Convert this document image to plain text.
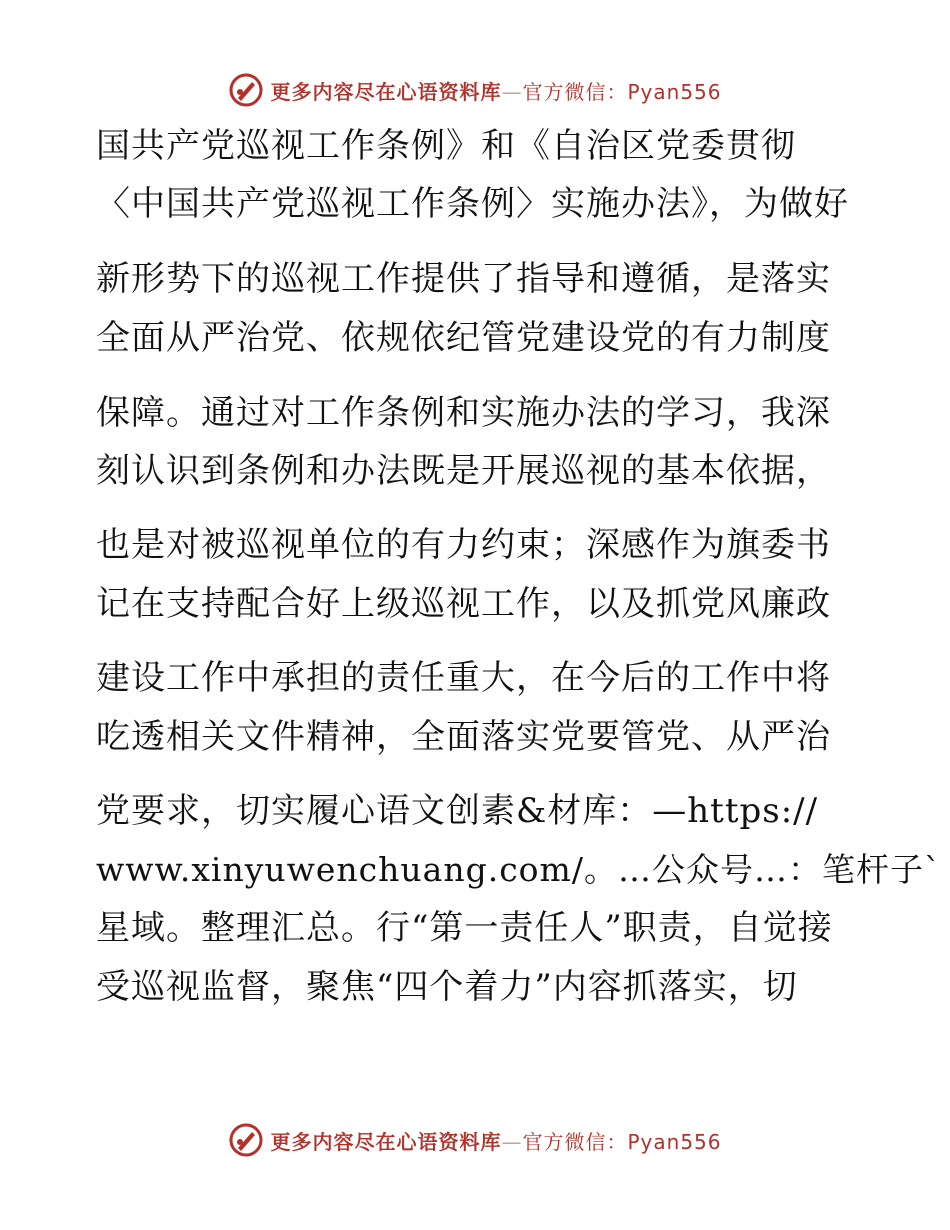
更多内容尽在心语资料库—官方微信：Pyan556
国共产党巡视工作条例》和《自治区党委贯彻
〈中国共产党巡视工作条例〉实施办法》，为做好
新形势下的巡视工作提供了指导和遵循，是落实
全面从严治党、依规依纪管党建设党的有力制度
保障。通过对工作条例和实施办法的学习，我深
刻认识到条例和办法既是开展巡视的基本依据，
也是对被巡视单位的有力约束；深感作为旗委书
记在支持配合好上级巡视工作，以及抓党风廉政
建设工作中承担的责任重大，在今后的工作中将
吃透相关文件精神，全面落实党要管党、从严治
党要求，切实履心语文创素&材库：—https://
www.xinyuwenchuang.com/。…公众号…：笔杆子`
星域。整理汇总。行“第一责任人”职责，自觉接
受巡视监督，聚焦“四个着力”内容抓落实，切
更多内容尽在心语资料库—官方微信：Pyan556
